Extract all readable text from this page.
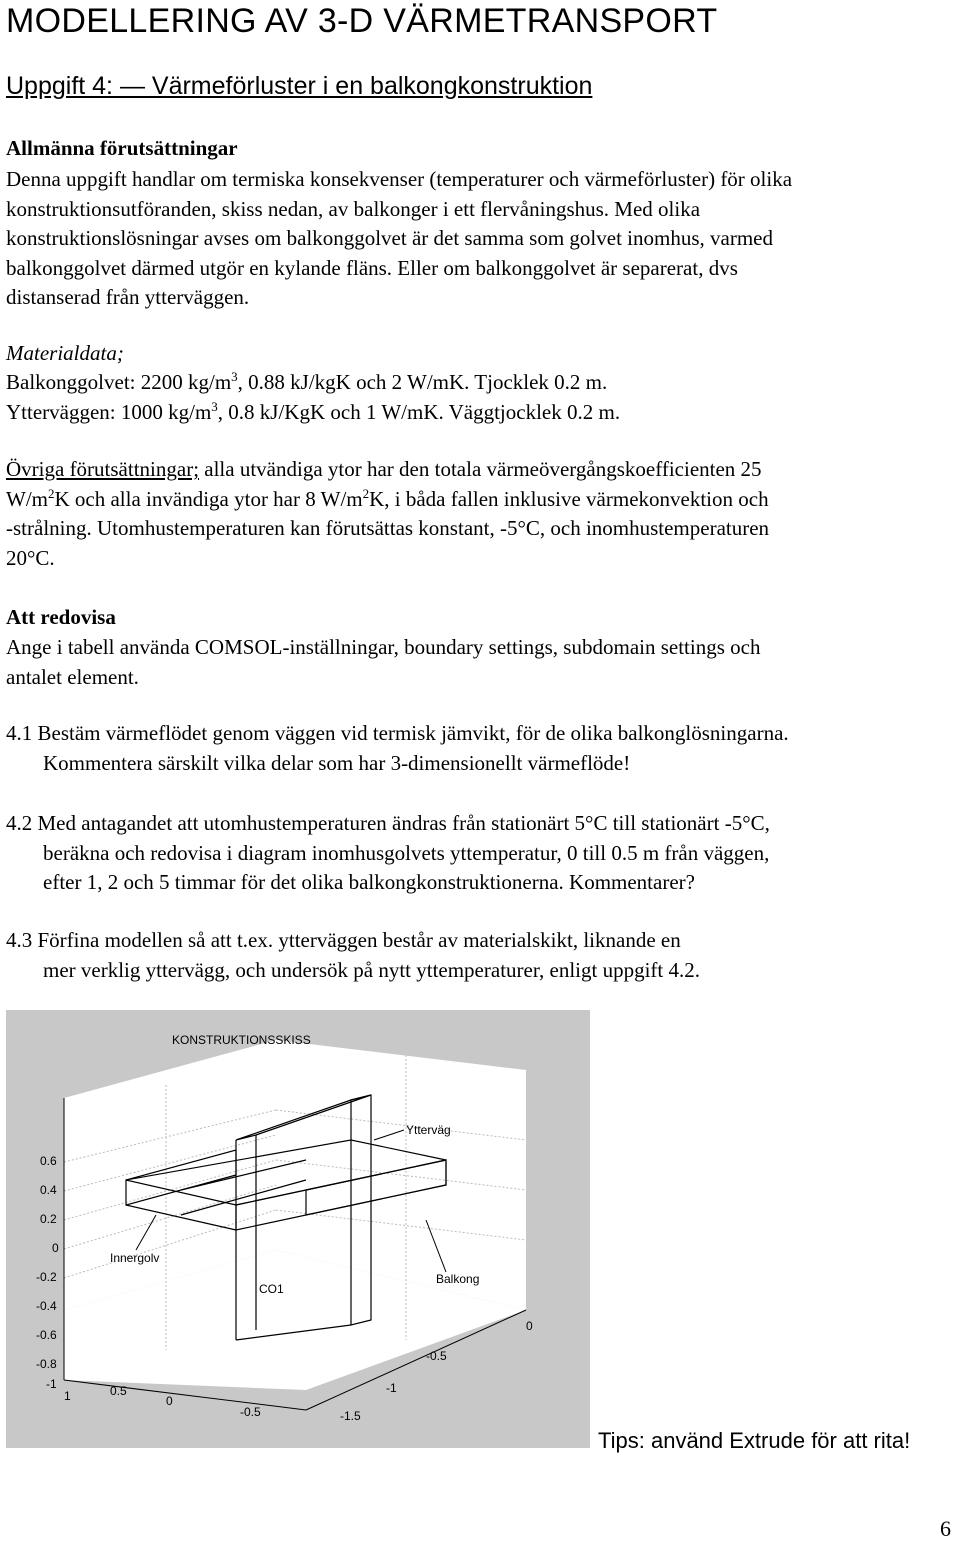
MODELLERING AV 3-D VÄRMETRANSPORT
Uppgift 4: — Värmeförluster i en balkongkonstruktion
Allmänna förutsättningar
Denna uppgift handlar om termiska konsekvenser (temperaturer och värmeförluster) för olika
konstruktionsutföranden, skiss nedan, av balkonger i ett flervåningshus. Med olika
konstruktionslösningar avses om balkonggolvet är det samma som golvet inomhus, varmed
balkonggolvet därmed utgör en kylande fläns. Eller om balkonggolvet är separerat, dvs
distanserad från ytterväggen.
Materialdata;
Balkonggolvet: 2200 $kg/m^3$, 0.88 kJ/kgK och 2 W/mK. Tjocklek 0.2 m.
Ytterväggen: 1000 $kg/m^3$, 0.8 kJ/KgK och 1 W/mK. Väggtjocklek 0.2 m.
Övriga förutsättningar; alla utvändiga ytor har den totala värmeövergångskoefficienten 25
$W/m^2K$ och alla invändiga ytor har 8 $W/m^2K$, i båda fallen inklusive värmekonvektion och
-strålning. Utomhustemperaturen kan förutsättas konstant, -5°C, och inomhustemperaturen
20°C.
Att redovisa
Ange i tabell använda COMSOL-inställningar, boundary settings, subdomain settings och
antalet element.
4.1 Bestäm värmeflödet genom väggen vid termisk jämvikt, för de olika balkonglösningarna.
Kommentera särskilt vilka delar som har 3-dimensionellt värmeflöde!
4.2 Med antagandet att utomhustemperaturen ändras från stationärt 5°C till stationärt -5°C,
beräkna och redovisa i diagram inomhusgolvets yttemperatur, 0 till 0.5 m från väggen,
efter 1, 2 och 5 timmar för det olika balkongkonstruktionerna. Kommentarer?
4.3 Förfina modellen så att t.ex. ytterväggen består av materialskikt, liknande en
mer verklig yttervägg, och undersök på nytt yttemperaturer, enligt uppgift 4.2.
0.6
0.4
0.2
0
-0.2
-0.4
-0.6
-0.8
-1
1	0.5
0
-0.5
0
-0.5
-1
-1.5
KONSTRUKTIONSSKISS
Ytterväg
Innergolv
Balkong
CO1
Tips: använd Extrude för att rita!
6
